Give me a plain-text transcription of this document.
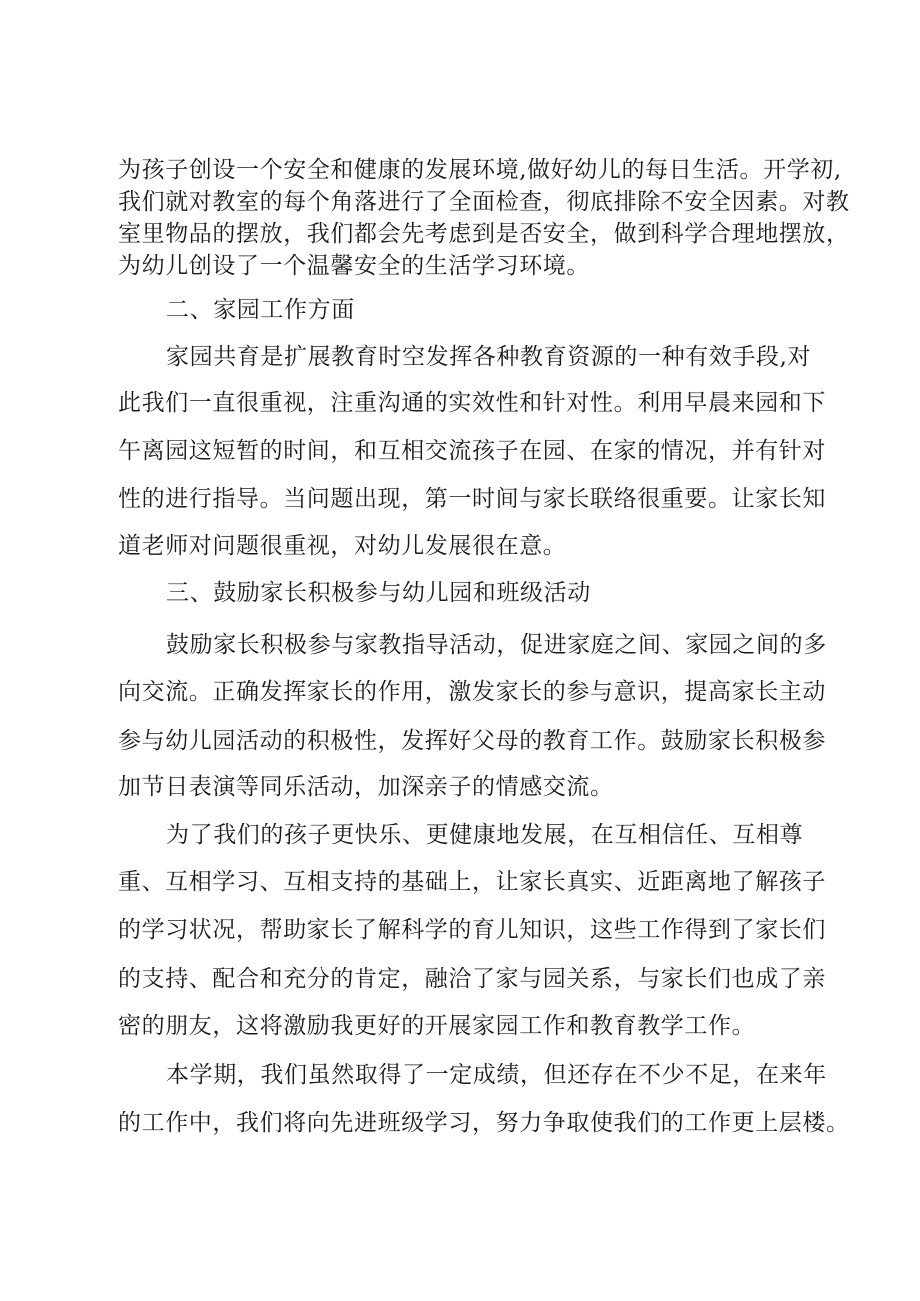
为孩子创设一个安全和健康的发展环境,做好幼儿的每日生活。开学初,
我们就对教室的每个角落进行了全面检查，彻底排除不安全因素。对教
室里物品的摆放，我们都会先考虑到是否安全，做到科学合理地摆放，
为幼儿创设了一个温馨安全的生活学习环境。
二、家园工作方面
家园共育是扩展教育时空发挥各种教育资源的一种有效手段,对
此我们一直很重视，注重沟通的实效性和针对性。利用早晨来园和下
午离园这短暂的时间，和互相交流孩子在园、在家的情况，并有针对
性的进行指导。当问题出现，第一时间与家长联络很重要。让家长知
道老师对问题很重视，对幼儿发展很在意。
三、鼓励家长积极参与幼儿园和班级活动
鼓励家长积极参与家教指导活动，促进家庭之间、家园之间的多
向交流。正确发挥家长的作用，激发家长的参与意识，提高家长主动
参与幼儿园活动的积极性，发挥好父母的教育工作。鼓励家长积极参
加节日表演等同乐活动，加深亲子的情感交流。
为了我们的孩子更快乐、更健康地发展，在互相信任、互相尊
重、互相学习、互相支持的基础上，让家长真实、近距离地了解孩子
的学习状况，帮助家长了解科学的育儿知识，这些工作得到了家长们
的支持、配合和充分的肯定，融洽了家与园关系，与家长们也成了亲
密的朋友，这将激励我更好的开展家园工作和教育教学工作。
本学期，我们虽然取得了一定成绩，但还存在不少不足，在来年
的工作中，我们将向先进班级学习，努力争取使我们的工作更上层楼。
